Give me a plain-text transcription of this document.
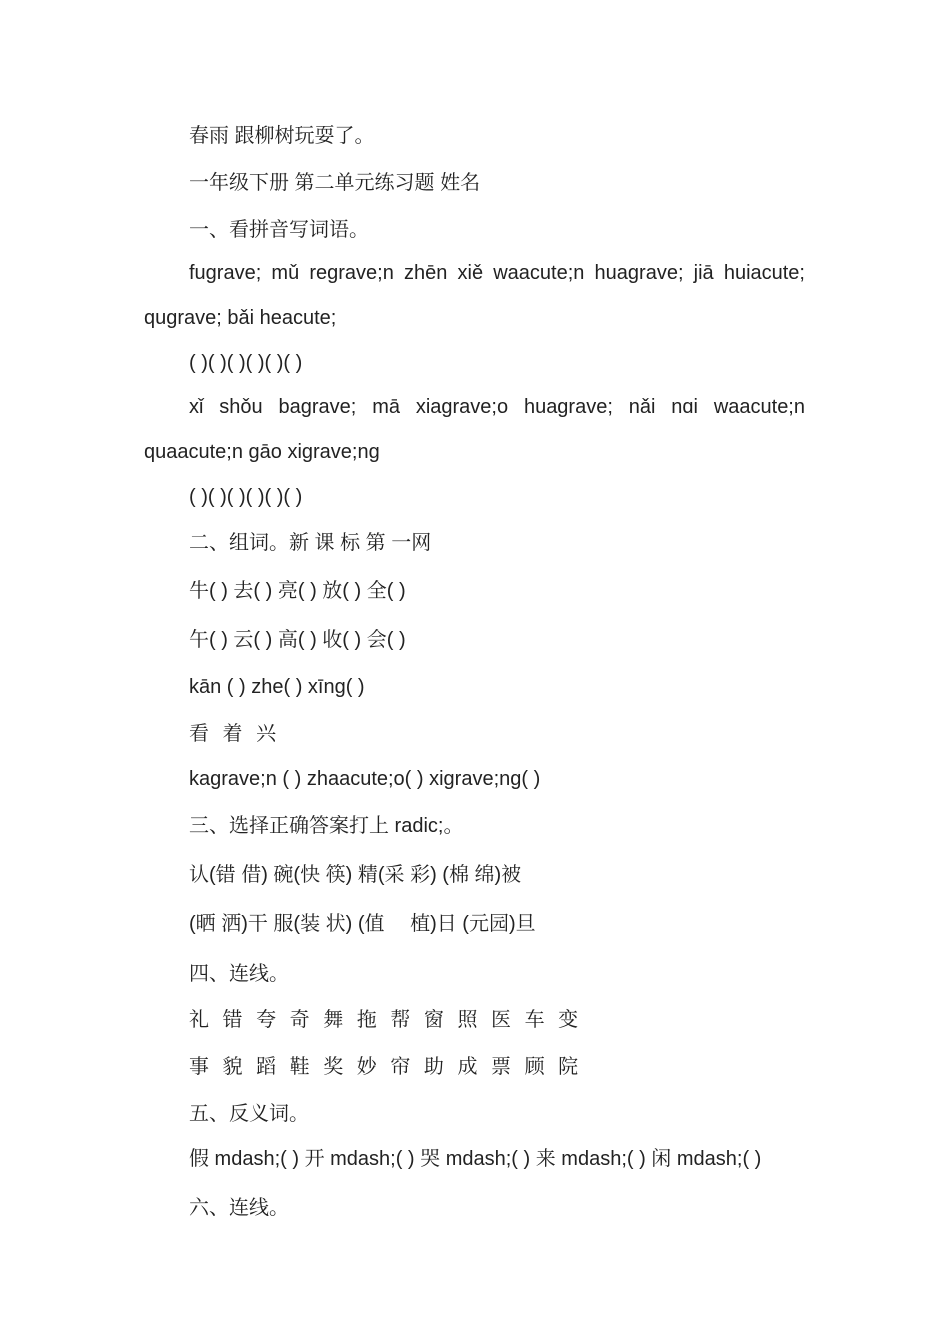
春雨 跟柳树玩耍了。
一年级下册 第二单元练习题 姓名
一、看拼音写词语。
fugrave; mǔ regrave;n zhēn xiě waacute;n huagrave; jiā huiacute;
qugrave; bǎi heacute;
( )( )( )( )( )( )
xǐ shǒu bagrave; mā xiagrave;o huagrave; nǎi nɑi waacute;n
quaacute;n gāo xigrave;ng
( )( )( )( )( )( )
二、组词。新 课 标 第 一网
牛( ) 去( ) 亮( ) 放( ) 全( )
午( ) 云( ) 高( ) 收( ) 会( )
kān ( ) zhe( ) xīng( )
看 着 兴
kagrave;n ( ) zhaacute;o( ) xigrave;ng( )
三、选择正确答案打上 radic;。
认(错 借) 碗(快 筷) 精(采 彩) (棉 绵)被
(晒 洒)干 服(装 状) (值　 植)日 (元园)旦
四、连线。
礼 错 夸 奇 舞 拖 帮 窗 照 医 车 变
事 貌 蹈 鞋 奖 妙 帘 助 成 票 顾 院
五、反义词。
假 mdash;( ) 开 mdash;( ) 哭 mdash;( ) 来 mdash;( ) 闲 mdash;( )
六、连线。
